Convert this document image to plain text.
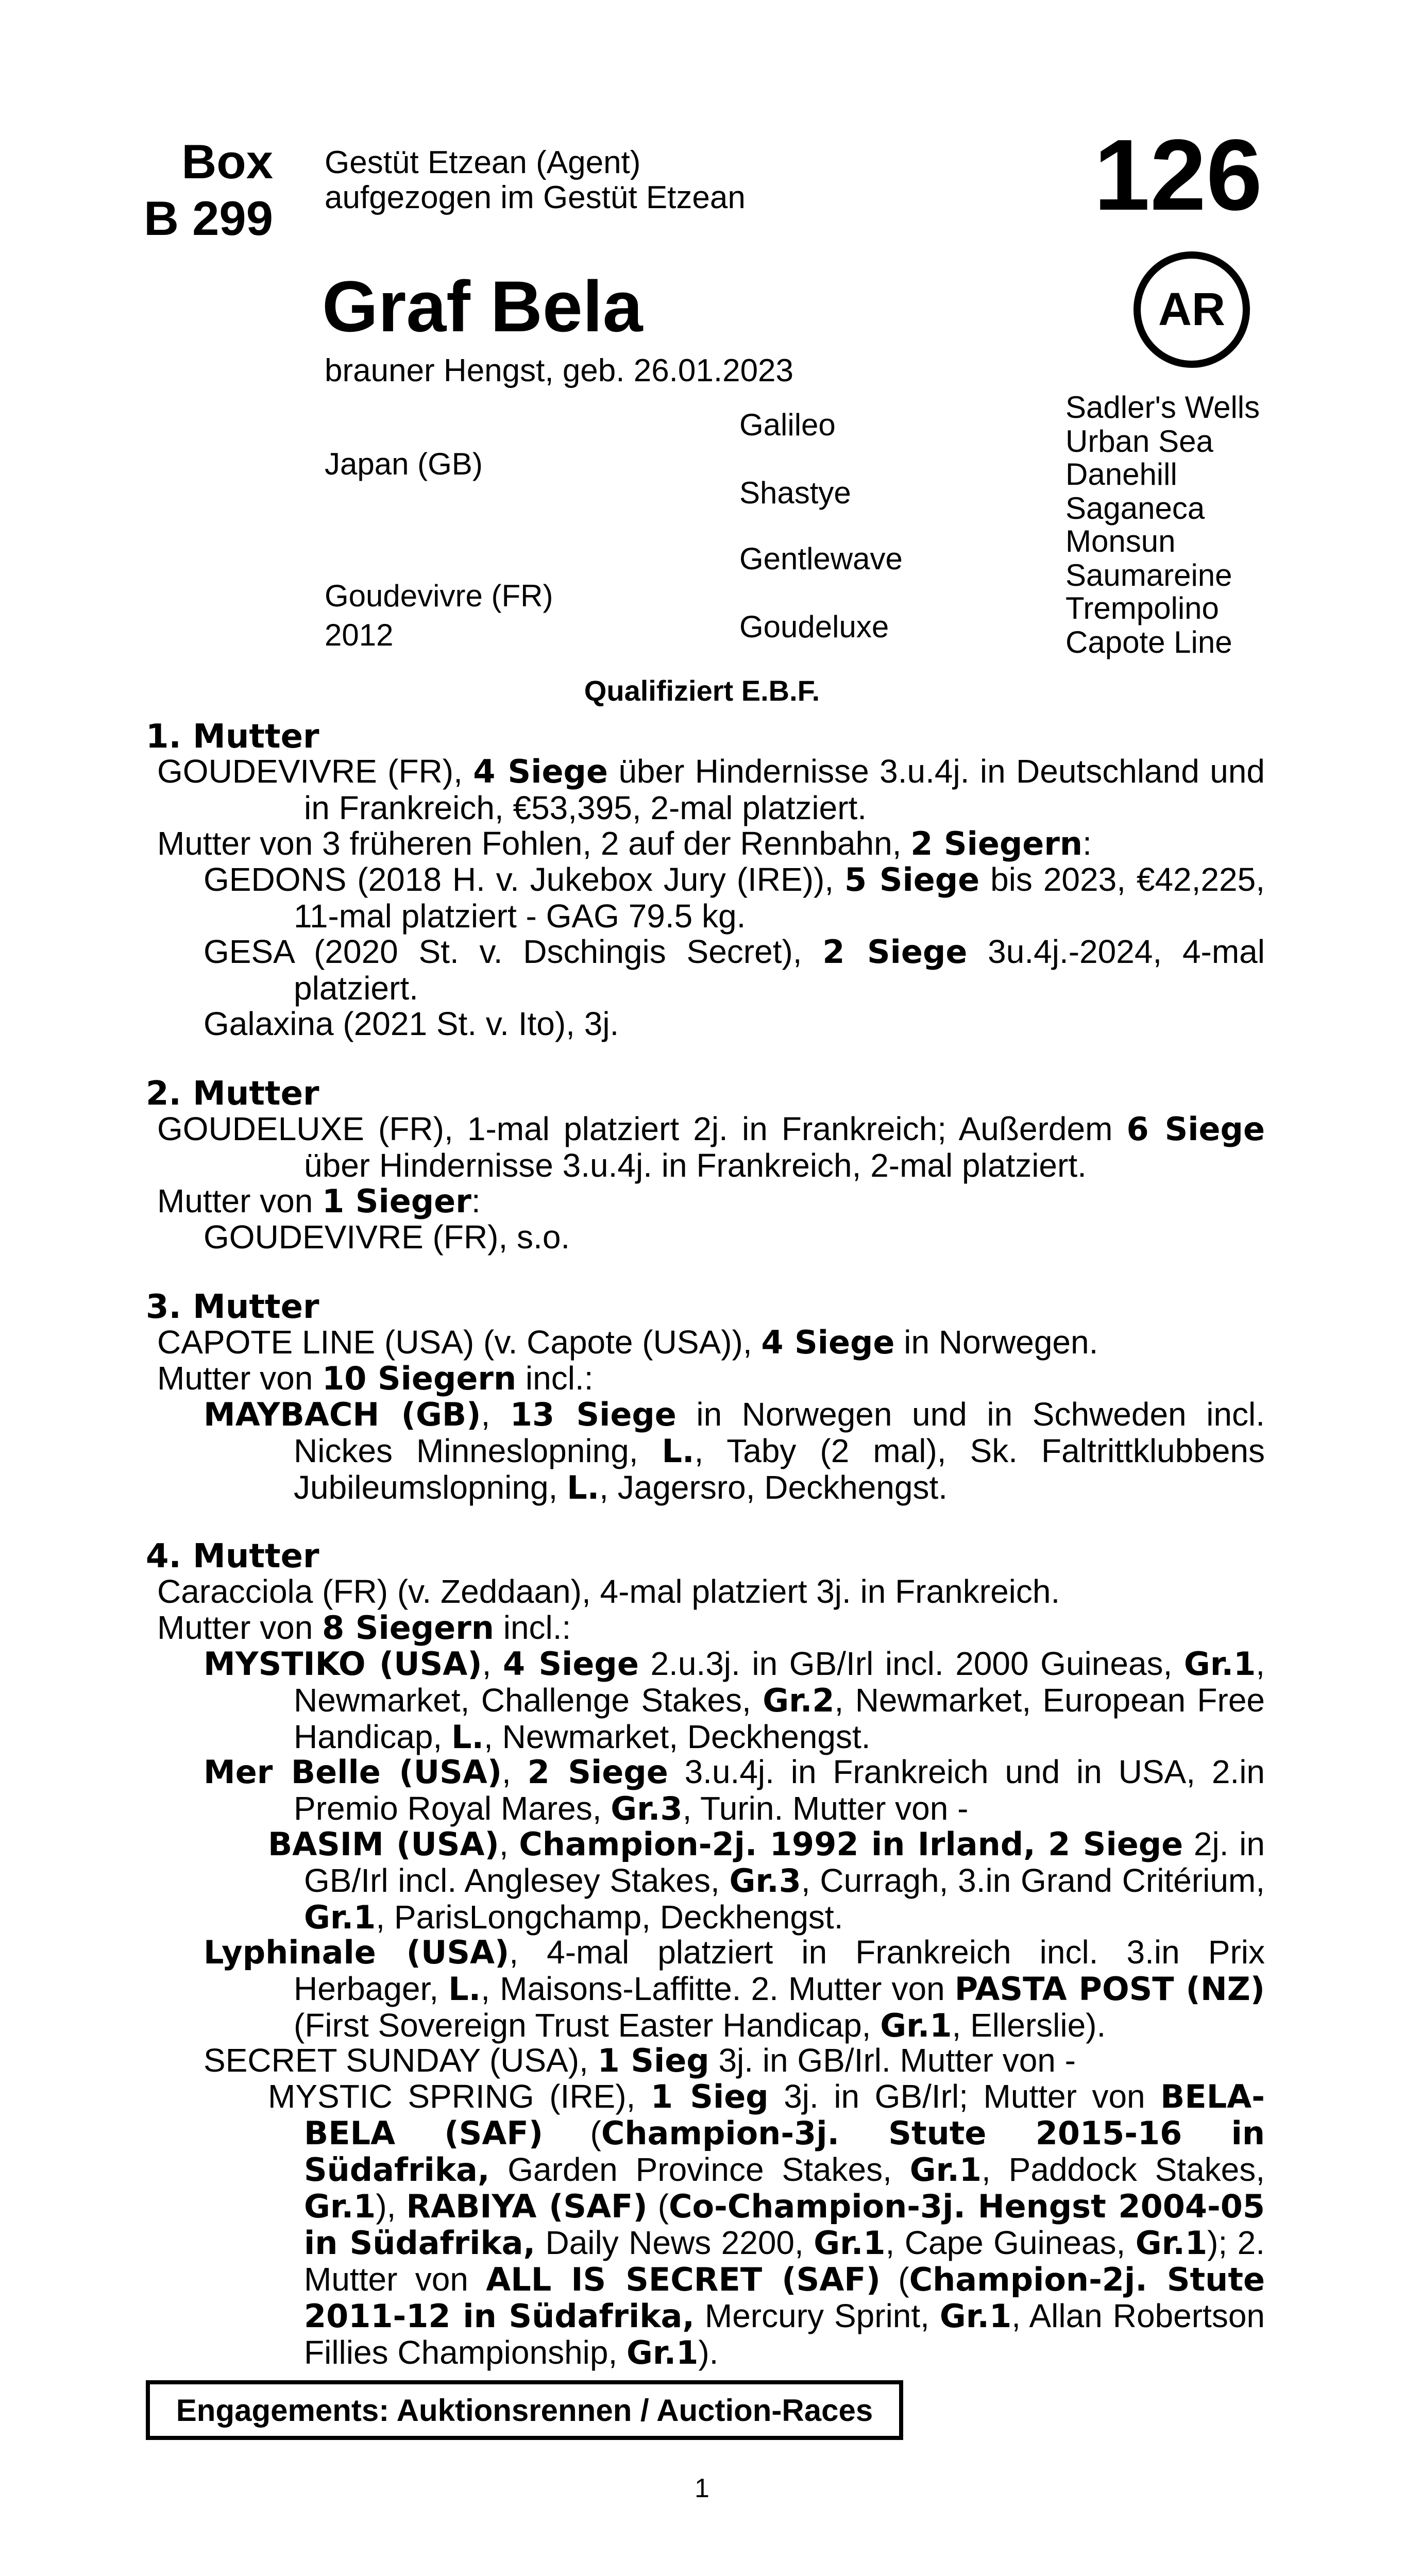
Box
B 299
Gestüt Etzean (Agent)
aufgezogen im Gestüt Etzean	126
AR
Graf Bela
brauner Hengst, geb. 26.01.2023
Japan (GB)
Goudevivre (FR)
2012
Galileo
Shastye
Gentlewave
Goudeluxe
Sadler's Wells
Urban Sea
Danehill
Saganeca
Monsun
Saumareine
Trempolino
Capote Line
Qualifiziert E.B.F.
1. Mutter
GOUDEVIVRE (FR), 4 Siege über Hindernisse 3.u.4j. in Deutschland und in Frankreich, €53,395, 2-mal platziert.
Mutter von 3 früheren Fohlen, 2 auf der Rennbahn, 2 Siegern:
GEDONS (2018 H. v. Jukebox Jury (IRE)), 5 Siege bis 2023, €42,225, 11-mal platziert - GAG 79.5 kg.
GESA (2020 St. v. Dschingis Secret), 2 Siege 3u.4j.-2024, 4-mal platziert.
Galaxina (2021 St. v. Ito), 3j.
2. Mutter
GOUDELUXE (FR), 1-mal platziert 2j. in Frankreich; Außerdem 6 Siege über Hindernisse 3.u.4j. in Frankreich, 2-mal platziert.
Mutter von 1 Sieger:
GOUDEVIVRE (FR), s.o.
3. Mutter
CAPOTE LINE (USA) (v. Capote (USA)), 4 Siege in Norwegen.
Mutter von 10 Siegern incl.:
MAYBACH (GB), 13 Siege in Norwegen und in Schweden incl. Nickes Minneslopning, L., Taby (2 mal), Sk. Faltrittklubbens Jubileumslopning, L., Jagersro, Deckhengst.
4. Mutter
Caracciola (FR) (v. Zeddaan), 4-mal platziert 3j. in Frankreich.
Mutter von 8 Siegern incl.:
MYSTIKO (USA), 4 Siege 2.u.3j. in GB/Irl incl. 2000 Guineas, Gr.1, Newmarket, Challenge Stakes, Gr.2, Newmarket, European Free Handicap, L., Newmarket, Deckhengst.
Mer Belle (USA), 2 Siege 3.u.4j. in Frankreich und in USA, 2.in Premio Royal Mares, Gr.3, Turin. Mutter von -
BASIM (USA), Champion-2j. 1992 in Irland, 2 Siege 2j. in GB/Irl incl. Anglesey Stakes, Gr.3, Curragh, 3.in Grand Critérium, Gr.1, ParisLongchamp, Deckhengst.
Lyphinale (USA), 4-mal platziert in Frankreich incl. 3.in Prix Herbager, L., Maisons-Laffitte. 2. Mutter von PASTA POST (NZ) (First Sovereign Trust Easter Handicap, Gr.1, Ellerslie).
SECRET SUNDAY (USA), 1 Sieg 3j. in GB/Irl. Mutter von -
MYSTIC SPRING (IRE), 1 Sieg 3j. in GB/Irl; Mutter von BELA-BELA (SAF) (Champion-3j. Stute 2015-16 in Südafrika, Garden Province Stakes, Gr.1, Paddock Stakes, Gr.1), RABIYA (SAF) (Co-Champion-3j. Hengst 2004-05 in Südafrika, Daily News 2200, Gr.1, Cape Guineas, Gr.1); 2. Mutter von ALL IS SECRET (SAF) (Champion-2j. Stute 2011-12 in Südafrika, Mercury Sprint, Gr.1, Allan Robertson Fillies Championship, Gr.1).
Engagements: Auktionsrennen / Auction-Races
1
